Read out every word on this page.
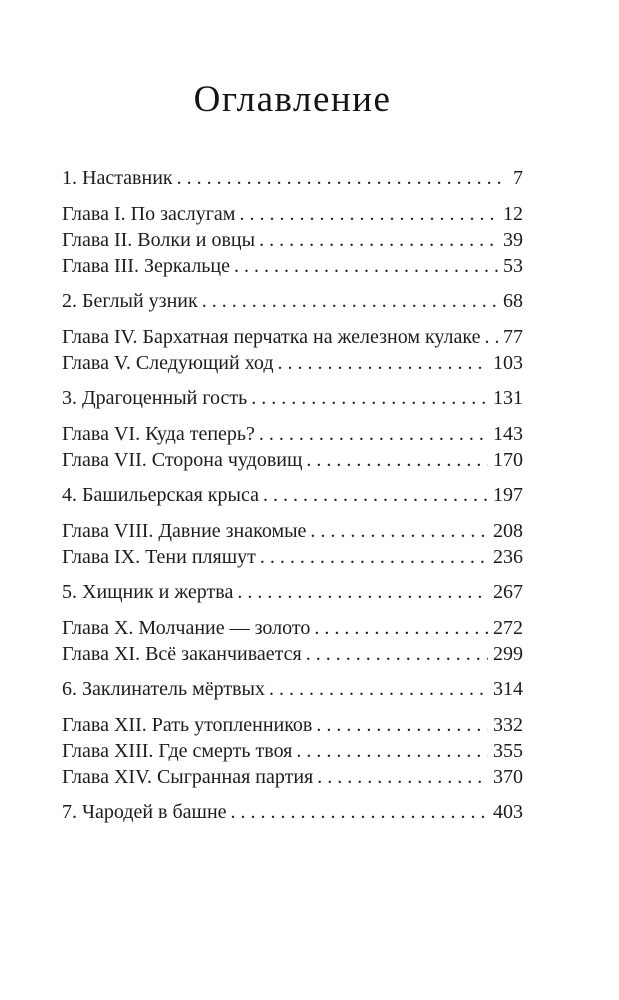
Оглавление
1. Наставник .....	7
Глава I. По заслугам .....	12
Глава II. Волки и овцы .....	39
Глава III. Зеркальце .....	53
2. Беглый узник .....	68
Глава IV. Бархатная перчатка на железном кулаке ..... 77
Глава V. Следующий ход .....	103
3. Драгоценный гость .....	131
Глава VI. Куда теперь? .....	143
Глава VII. Сторона чудовищ .....	170
4. Башильерская крыса .....	197
Глава VIII. Давние знакомые .....	208
Глава IX. Тени пляшут .....	236
5. Хищник и жертва .....	267
Глава X. Молчание — золото .....	272
Глава XI. Всё заканчивается .....	299
6. Заклинатель мёртвых .....	314
Глава XII. Рать утопленников .....	332
Глава XIII. Где смерть твоя .....	355
Глава XIV. Сыгранная партия .....	370
7. Чародей в башне .....	403
